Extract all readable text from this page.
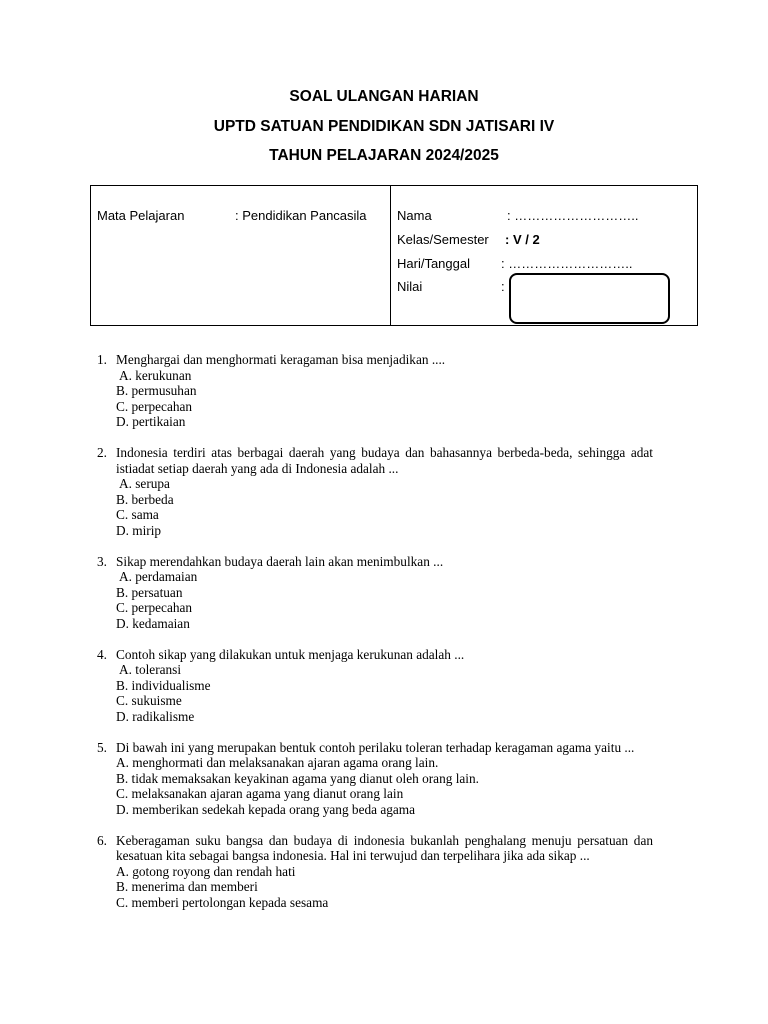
SOAL ULANGAN HARIAN
UPTD SATUAN PENDIDIKAN SDN JATISARI IV
TAHUN PELAJARAN 2024/2025
Mata Pelajaran	: Pendidikan Pancasila Nama	: ………………………..
Kelas/Semester : V / 2
Hari/Tanggal : ………………………..
Nilai	:
1. Menghargai dan menghormati keragaman bisa menjadikan ....
A. kerukunan
B. permusuhan
C. perpecahan
D. pertikaian
2. Indonesia terdiri atas berbagai daerah yang budaya dan bahasannya berbeda-beda, sehingga adat istiadat setiap daerah yang ada di Indonesia adalah ...
A. serupa
B. berbeda
C. sama
D. mirip
3. Sikap merendahkan budaya daerah lain akan menimbulkan ...
A. perdamaian
B. persatuan
C. perpecahan
D. kedamaian
4. Contoh sikap yang dilakukan untuk menjaga kerukunan adalah ...
A. toleransi
B. individualisme
C. sukuisme
D. radikalisme
5. Di bawah ini yang merupakan bentuk contoh perilaku toleran terhadap keragaman agama yaitu ...
A. menghormati dan melaksanakan ajaran agama orang lain.
B. tidak memaksakan keyakinan agama yang dianut oleh orang lain.
C. melaksanakan ajaran agama yang dianut orang lain
D. memberikan sedekah kepada orang yang beda agama
6. Keberagaman suku bangsa dan budaya di indonesia bukanlah penghalang menuju persatuan dan kesatuan kita sebagai bangsa indonesia. Hal ini terwujud dan terpelihara jika ada sikap ...
A. gotong royong dan rendah hati
B. menerima dan memberi
C. memberi pertolongan kepada sesama
